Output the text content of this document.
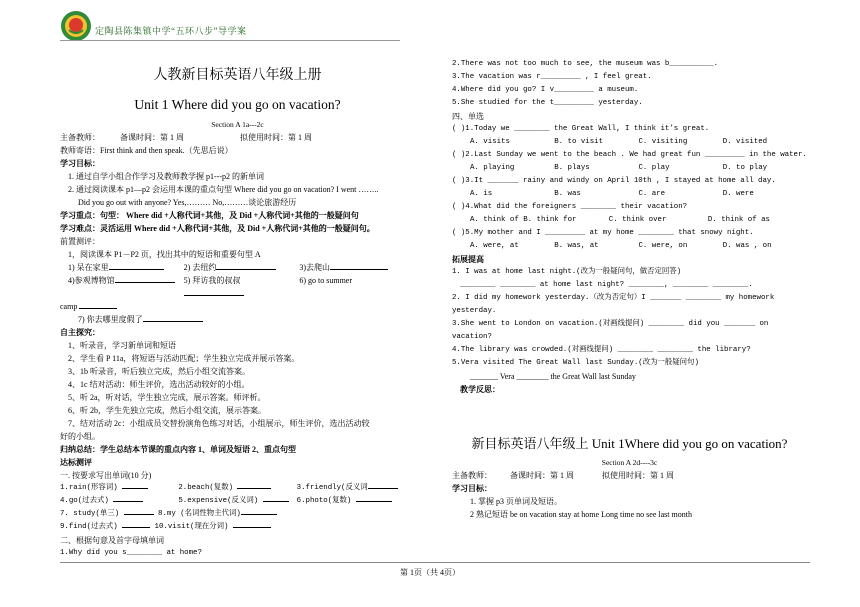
定陶县陈集镇中学“五环八步”导学案
人教新目标英语八年级上册
Unit 1 Where did you go on vacation?
Section A 1a---2c
主备教师：	备课时间：第 1 周	拟使用时间：第 1 周
教师寄语：First think and then speak.（先思后说）
学习目标：
1. 通过自学小组合作学习及教师教学握 p1---p2 的新单词
2. 通过阅读课本 p1—p2 会运用本课的重点句型 Where did you go on vacation? I went ……..
Did you go out with anyone? Yes,……… No,………谈论旅游经历
学习重点：句型： Where did +人称代词+其他，及 Did +人称代词+其他的一般疑问句
学习难点：灵活运用 Where did +人称代词+其他，及 Did +人称代词+其他的一般疑问句。
前置测评：
1，阅读课本 P1－P2 页，找出其中的短语和重要句型 A
1) 呆在家里	2) 去纽约	3)去爬山
4)参观博物馆	5) 拜访我的叔叔	6) go to summer
camp
7) 你去哪里度假了
自主探究：
1、听录音，学习新单词和短语
2、学生看 P 11a，将短语与活动匹配；学生独立完成并展示答案。
3、1b 听录音，听后独立完成，然后小组交流答案。
4、1c 结对活动：师生评价，选出活动较好的小组。
5、听 2a，听对话，学生独立完成，展示答案。师评析。
6、听 2b，学生先独立完成，然后小组交流，展示答案。
7、结对活动 2c：小组成员交替扮演角色练习对话，小组展示，师生评价，选出活动较
好的小组。
归纳总结：学生总结本节课的重点内容 1、单词及短语 2、重点句型
达标测评
一. 按要求写出单词(10 分)
1.rain(形容词)	2.beach(复数)	3.friendly(反义词
4.go(过去式)	5.expensive(反义词)	6.photo(复数)
7. study(单三)	8.my (名词性物主代词)
9.find(过去式)	10.visit(现在分词)
二、根据句意及首字母填单词
1.Why did you s________ at home?
2.There was not too much to see, the museum was b__________.
3.The vacation was r_________ , I feel great.
4.Where did you go? I v_________ a museum.
5.She studied for the t_________ yesterday.
四、单选
( )1.Today we ________ the Great Wall, I think it’s great.
A. visits	B. to visit	C. visiting	D. visited
( )2.Last Sunday we went to the beach . We had great fun _________ in the water.
A. playing	B. plays	C. play	D. to play
( )3.It _______ rainy and windy on April 10th , I stayed at home all day.
A. is	B. was	C. are	D. were
( )4.What did the foreigners ________ their vacation?
A. think of B. think for	C. think over	D. think of as
( )5.My mother and I _________ at my home ________ that snowy night.
A. were, at	B. was, at	C. were, on	D. was , on
拓展提高
1. I was at home last night.(改为一般疑问句，做否定回答)
________ ________ at home last night? ________, ________ ________.
2. I did my homework yesterday.（改为否定句）I _______ ________ my homework
yesterday.
3.She went to London on vacation.(对画线提问) ________ did you _______ on vacation?
4.The library was crowded.(对画线提问) ________ ________ the library?
5.Vera visited The Great Wall last Sunday.(改为一般疑问句)
_______ Vera ________ the Great Wall last Sunday
教学反思：
新目标英语八年级上 Unit 1Where did you go on vacation?
Section A 2d----3c
主备教师：	备课时间：第 1 周	拟使用时间：第 1 周
学习目标：
1. 掌握 p3 页单词及短语。
2 熟记短语 be on vacation stay at home Long time no see last month
第 1页（共 4页）
